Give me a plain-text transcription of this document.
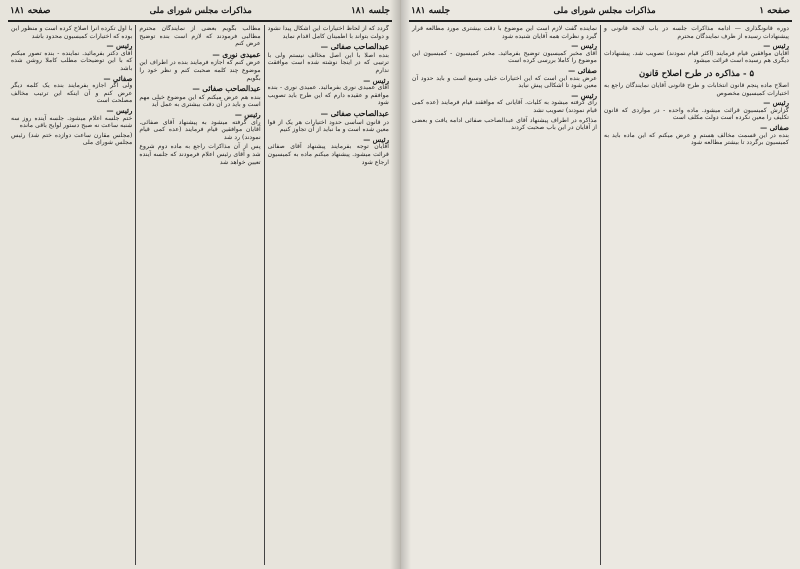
صفحه ۱
مذاکرات مجلس شورای ملی
جلسه ۱۸۱

دوره قانونگذاری — ادامه مذاکرات جلسه در باب لایحه قانونی و پیشنهادات رسیده از طرف نمایندگان محترم

رئیس —

آقایان موافقین قیام فرمایند (اکثر قیام نمودند) تصویب شد. پیشنهادات دیگری هم رسیده است قرائت میشود

۵ - مذاکره در طرح اصلاح قانون

اصلاح ماده پنجم قانون انتخابات و طرح قانونی آقایان نمایندگان راجع به اختیارات کمیسیون مخصوص

رئیس —

گزارش کمیسیون قرائت میشود. ماده واحده - در مواردی که قانون تکلیف را معین نکرده است دولت مکلف است

صفائی —

بنده در این قسمت مخالف هستم و عرض میکنم که این ماده باید به کمیسیون برگردد تا بیشتر مطالعه شود

نماینده گفت لازم است این موضوع با دقت بیشتری مورد مطالعه قرار گیرد و نظرات همه آقایان شنیده شود

رئیس —

آقای مخبر کمیسیون توضیح بفرمائید. مخبر کمیسیون - کمیسیون این موضوع را کاملا بررسی کرده است

صفائی —

عرض بنده این است که این اختیارات خیلی وسیع است و باید حدود آن معین شود تا اشکالی پیش نیاید

رئیس —

رای گرفته میشود به کلیات. آقایانی که موافقند قیام فرمایند (عده کمی قیام نمودند) تصویب نشد

مذاکره در اطراف پیشنهاد آقای عبدالصاحب صفائی ادامه یافت و بعضی از آقایان در این باب صحبت کردند

جلسه ۱۸۱
مذاکرات مجلس شورای ملی
صفحه ۱۸۱

گردد که از لحاظ اختیارات این اشکال پیدا نشود و دولت بتواند با اطمینان کامل اقدام نماید

عبدالصاحب صفائی —

بنده اصلا با این اصل مخالف نیستم ولی با ترتیبی که در اینجا نوشته شده است موافقت ندارم

رئیس —

آقای عمیدی نوری بفرمائید. عمیدی نوری - بنده موافقم و عقیده دارم که این طرح باید تصویب شود

عبدالصاحب صفائی —

در قانون اساسی حدود اختیارات هر یک از قوا معین شده است و ما نباید از آن تجاوز کنیم

رئیس —

آقایان توجه بفرمایند پیشنهاد آقای صفائی قرائت میشود. پیشنهاد میکنم ماده به کمیسیون ارجاع شود

مطالب بگویم بعضی از نمایندگان محترم مطالبی فرمودند که لازم است بنده توضیح عرض کنم

عمیدی نوری —

عرض کنم که اجازه فرمایند بنده در اطراف این موضوع چند کلمه صحبت کنم و نظر خود را بگویم

عبدالصاحب صفائی —

بنده هم عرض میکنم که این موضوع خیلی مهم است و باید در آن دقت بیشتری به عمل آید

رئیس —

رای گرفته میشود به پیشنهاد آقای صفائی. آقایان موافقین قیام فرمایند (عده کمی قیام نمودند) رد شد

پس از آن مذاکرات راجع به ماده دوم شروع شد و آقای رئیس اعلام فرمودند که جلسه آینده تعیین خواهد شد

با اول تکرده آنرا اصلاح کرده است و منظور این بوده که اختیارات کمیسیون محدود باشد

رئیس —

آقای دکتر بفرمائید. نماینده - بنده تصور میکنم که با این توضیحات مطلب کاملا روشن شده باشد

صفائی —

ولی اگر اجازه بفرمایند بنده یک کلمه دیگر عرض کنم و آن اینکه این ترتیب مخالف مصلحت است

رئیس —

ختم جلسه اعلام میشود. جلسه آینده روز سه شنبه ساعت نه صبح دستور لوایح باقی مانده

(مجلس مقارن ساعت دوازده ختم شد) رئیس مجلس شورای ملی
